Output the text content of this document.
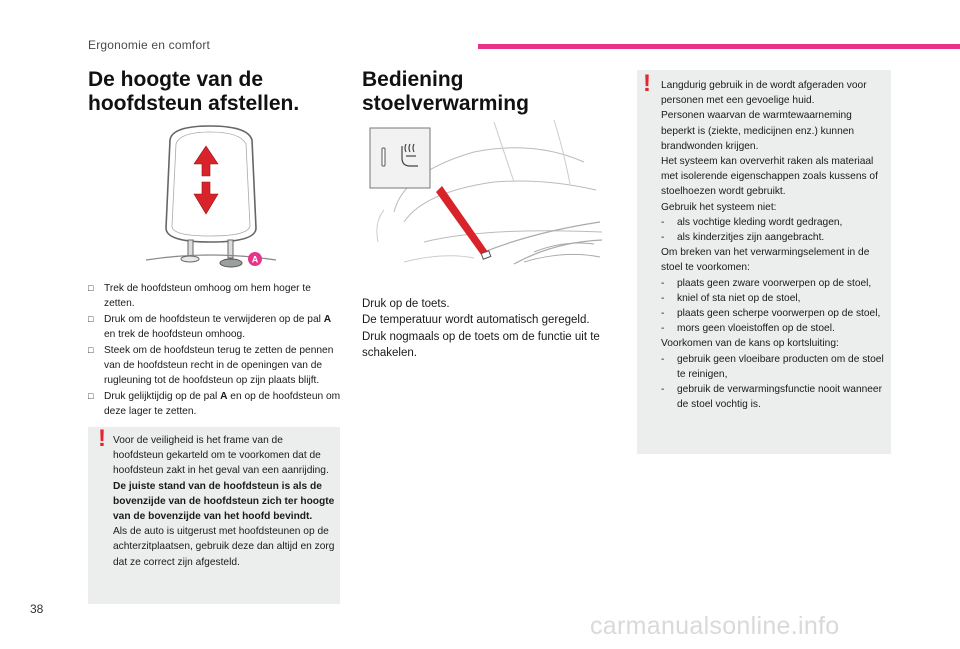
Ergonomie en comfort
De hoogte van de hoofdsteun afstellen.
A
□ Trek de hoofdsteun omhoog om hem hoger te zetten.
□ Druk om de hoofdsteun te verwijderen op de pal A en trek de hoofdsteun omhoog.
□ Steek om de hoofdsteun terug te zetten de pennen van de hoofdsteun recht in de openingen van de rugleuning tot de hoofdsteun op zijn plaats blijft.
□ Druk gelijktijdig op de pal A en op de hoofdsteun om deze lager te zetten.
! Voor de veiligheid is het frame van de hoofdsteun gekarteld om te voorkomen dat de hoofdsteun zakt in het geval van een aanrijding.

De juiste stand van de hoofdsteun is als de bovenzijde van de hoofdsteun zich ter hoogte van de bovenzijde van het hoofd bevindt.

Als de auto is uitgerust met hoofdsteunen op de achterzitplaatsen, gebruik deze dan altijd en zorg dat ze correct zijn afgesteld.

Bediening stoelverwarming

Druk op de toets.

De temperatuur wordt automatisch geregeld.

Druk nogmaals op de toets om de functie uit te schakelen.

! Langdurig gebruik in de wordt afgeraden voor personen met een gevoelige huid.

Personen waarvan de warmtewaarneming beperkt is (ziekte, medicijnen enz.) kunnen brandwonden krijgen.

Het systeem kan oververhit raken als materiaal met isolerende eigenschappen zoals kussens of stoelhoezen wordt gebruikt.

Gebruik het systeem niet:

- als vochtige kleding wordt gedragen,

- als kinderzitjes zijn aangebracht.

Om breken van het verwarmingselement in de stoel te voorkomen:

- plaats geen zware voorwerpen op de stoel,

- kniel of sta niet op de stoel,

- plaats geen scherpe voorwerpen op de stoel,

- mors geen vloeistoffen op de stoel.

Voorkomen van de kans op kortsluiting:

- gebruik geen vloeibare producten om de stoel te reinigen,

- gebruik de verwarmingsfunctie nooit wanneer de stoel vochtig is.

38
carmanualsonline.info
